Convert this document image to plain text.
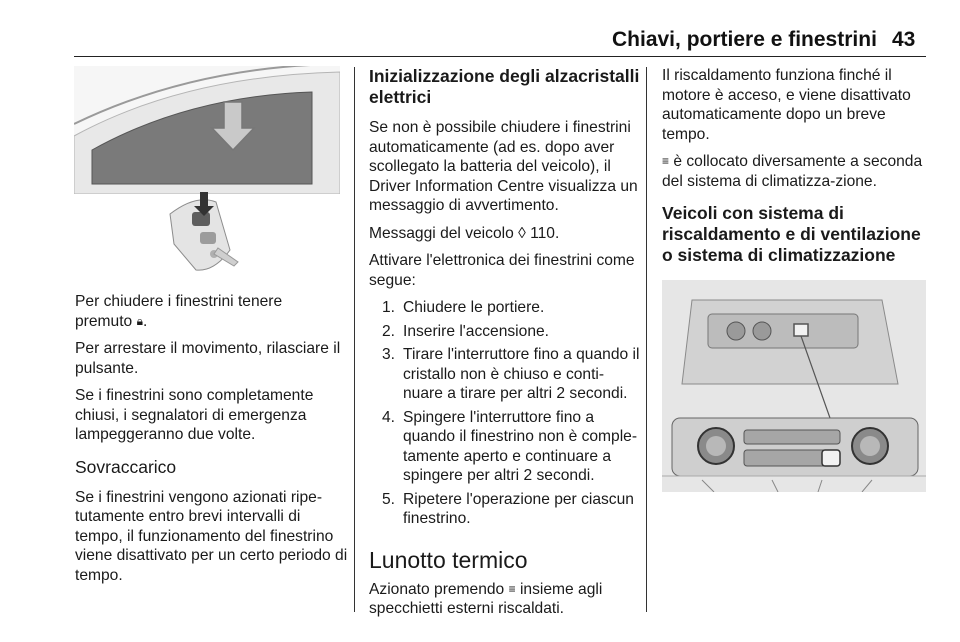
Chiavi, portiere e finestrini 43

Per chiudere i finestrini tenere
premuto 🔒︎.

Per arrestare il movimento, rilasciare il pulsante.

Se i finestrini sono completamente chiusi, i segnalatori di emergenza lampeggeranno due volte.

Sovraccarico

Se i finestrini vengono azionati ripe-tutamente entro brevi intervalli di tempo, il funzionamento del finestrino viene disattivato per un certo periodo di tempo.

Inizializzazione degli alzacristalli elettrici

Se non è possibile chiudere i finestrini automaticamente (ad es. dopo aver scollegato la batteria del veicolo), il Driver Information Centre visualizza un messaggio di avvertimento.

Messaggi del veicolo ◊ 110.

Attivare l'elettronica dei finestrini come segue:

1. Chiudere le portiere.
2. Inserire l'accensione.
3. Tirare l'interruttore fino a quando il cristallo non è chiuso e conti-nuare a tirare per altri 2 secondi.
4. Spingere l'interruttore fino a quando il finestrino non è comple-tamente aperto e continuare a spingere per altri 2 secondi.
5. Ripetere l'operazione per ciascun finestrino.
Lunotto termico

Azionato premendo ≡ insieme agli specchietti esterni riscaldati.

Il riscaldamento funziona finché il motore è acceso, e viene disattivato automaticamente dopo un breve tempo.

≡ è collocato diversamente a seconda del sistema di climatizza-zione.

Veicoli con sistema di riscaldamento e di ventilazione o sistema di climatizzazione
